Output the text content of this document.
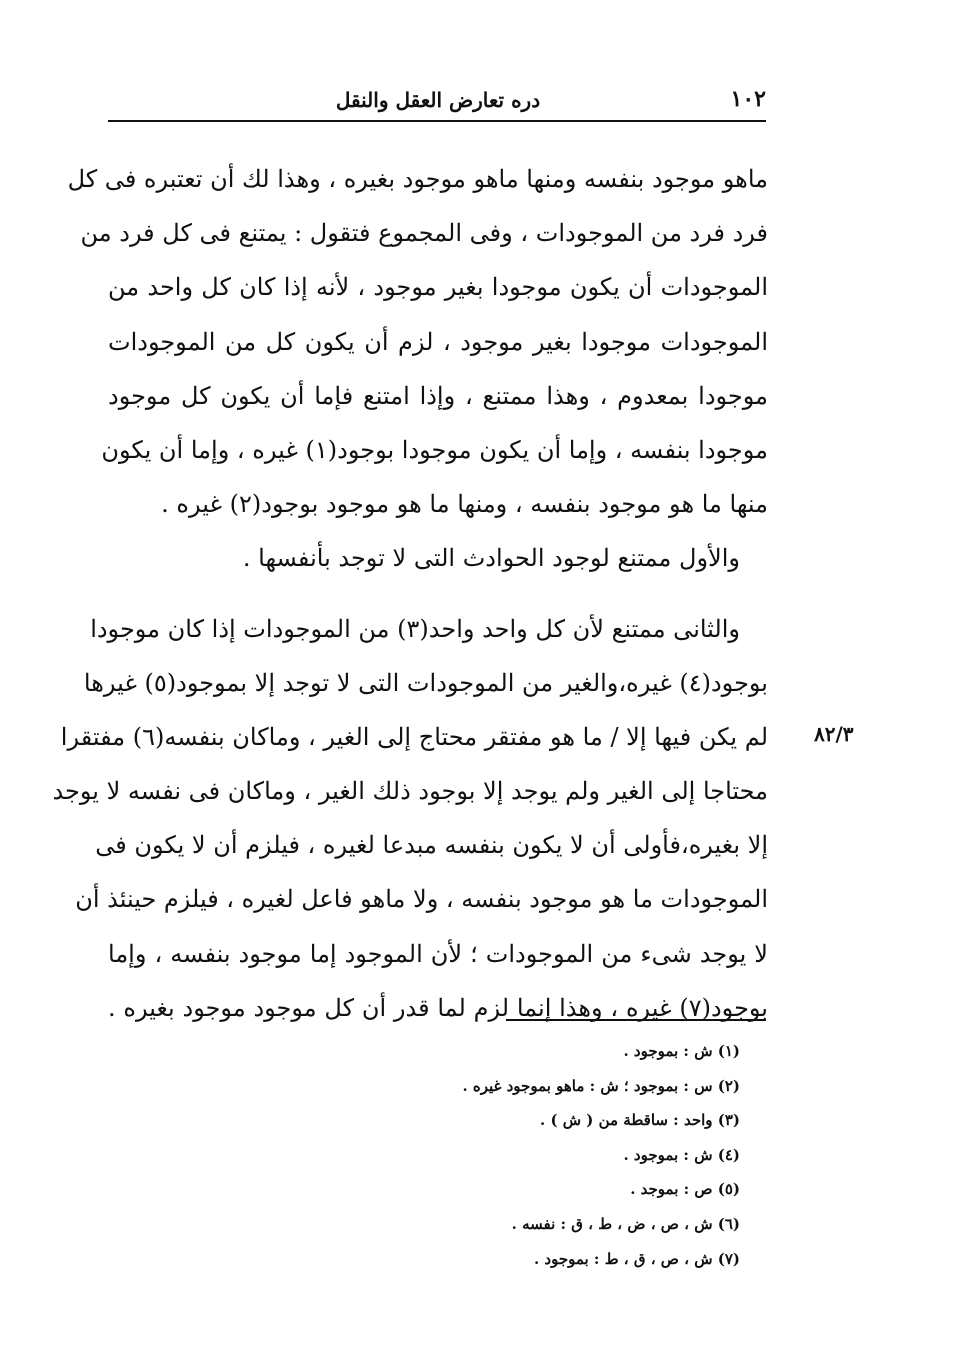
١٠٢
دره تعارض العقل والنقل
ماهو موجود بنفسه ومنها ماهو موجود بغيره ، وهذا لك أن تعتبره فى كل
فرد فرد من الموجودات ، وفى المجموع فتقول : يمتنع فى كل فرد من
الموجودات أن يكون موجودا بغير موجود ، لأنه إذا كان كل واحد من
الموجودات موجودا بغير موجود ، لزم أن يكون كل من الموجودات
موجودا بمعدوم ، وهذا ممتنع ، وإذا امتنع فإما أن يكون كل موجود
موجودا بنفسه ، وإما أن يكون موجودا بوجود(١) غيره ، وإما أن يكون
منها ما هو موجود بنفسه ، ومنها ما هو موجود بوجود(٢) غيره .
والأول ممتنع لوجود الحوادث التى لا توجد بأنفسها .
والثانى ممتنع لأن كل واحد واحد(٣) من الموجودات إذا كان موجودا
بوجود(٤) غيره،والغير من الموجودات التى لا توجد إلا بموجود(٥) غيرها
لم يكن فيها إلا / ما هو مفتقر محتاج إلى الغير ، وماكان بنفسه(٦) مفتقرا
محتاجا إلى الغير ولم يوجد إلا بوجود ذلك الغير ، وماكان فى نفسه لا يوجد
إلا بغيره،فأولى أن لا يكون بنفسه مبدعا لغيره ، فيلزم أن لا يكون فى
الموجودات ما هو موجود بنفسه ، ولا ماهو فاعل لغيره ، فيلزم حينئذ أن
لا يوجد شىء من الموجودات ؛ لأن الموجود إما موجود بنفسه ، وإما
بوجود(٧) غيره ، وهذا إنما لزم لما قدر أن كل موجود موجود بغيره .
٨٢/٣
(١) ش : بموجود .
(٢) س : بموجود ؛ ش : ماهو بموجود غيره .
(٣) واحد : ساقطة من ( ش ) .
(٤) ش : بموجود .
(٥) ص : بموجد .
(٦) ش ، ص ، ض ، ط ، ق : نفسه .
(٧) ش ، ص ، ق ، ط : بموجود .
